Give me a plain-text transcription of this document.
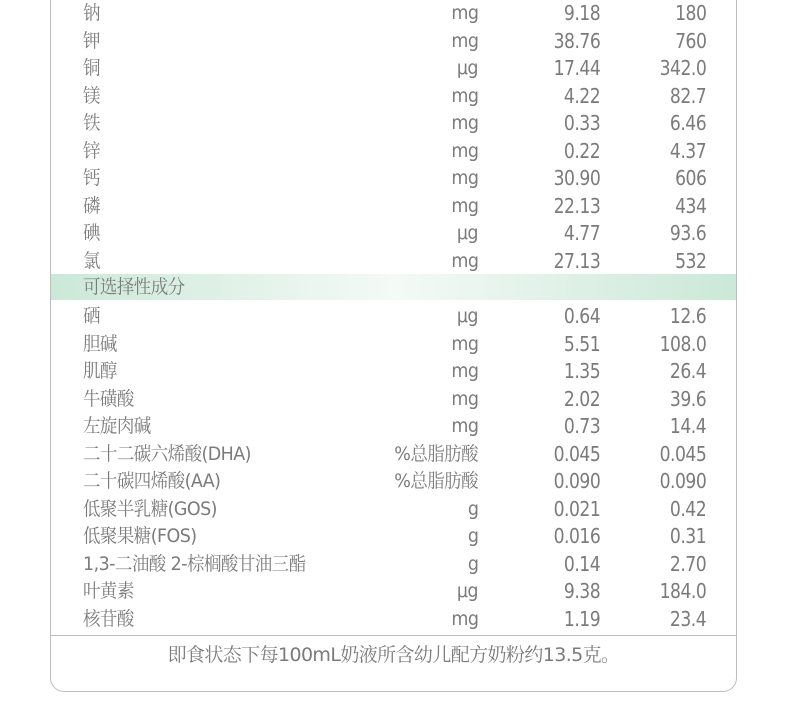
钠	mg	9.18	180
钾	mg	38.76	760
铜	μg	17.44	342.0
镁	mg	4.22	82.7
铁	mg	0.33	6.46
锌	mg	0.22	4.37
钙	mg	30.90	606
磷	mg	22.13	434
碘	μg	4.77	93.6
氯	mg	27.13	532
可选择性成分
硒	μg	0.64	12.6
胆碱	mg	5.51	108.0
肌醇	mg	1.35	26.4
牛磺酸	mg	2.02	39.6
左旋肉碱	mg	0.73	14.4
二十二碳六烯酸(DHA)	%总脂肪酸	0.045	0.045
二十碳四烯酸(AA)	%总脂肪酸	0.090	0.090
低聚半乳糖(GOS)	g	0.021	0.42
低聚果糖(FOS)	g	0.016	0.31
1,3-二油酸 2-棕榈酸甘油三酯	g	0.14	2.70
叶黄素	μg	9.38	184.0
核苷酸	mg	1.19	23.4
即食状态下每100mL奶液所含幼儿配方奶粉约13.5克。
